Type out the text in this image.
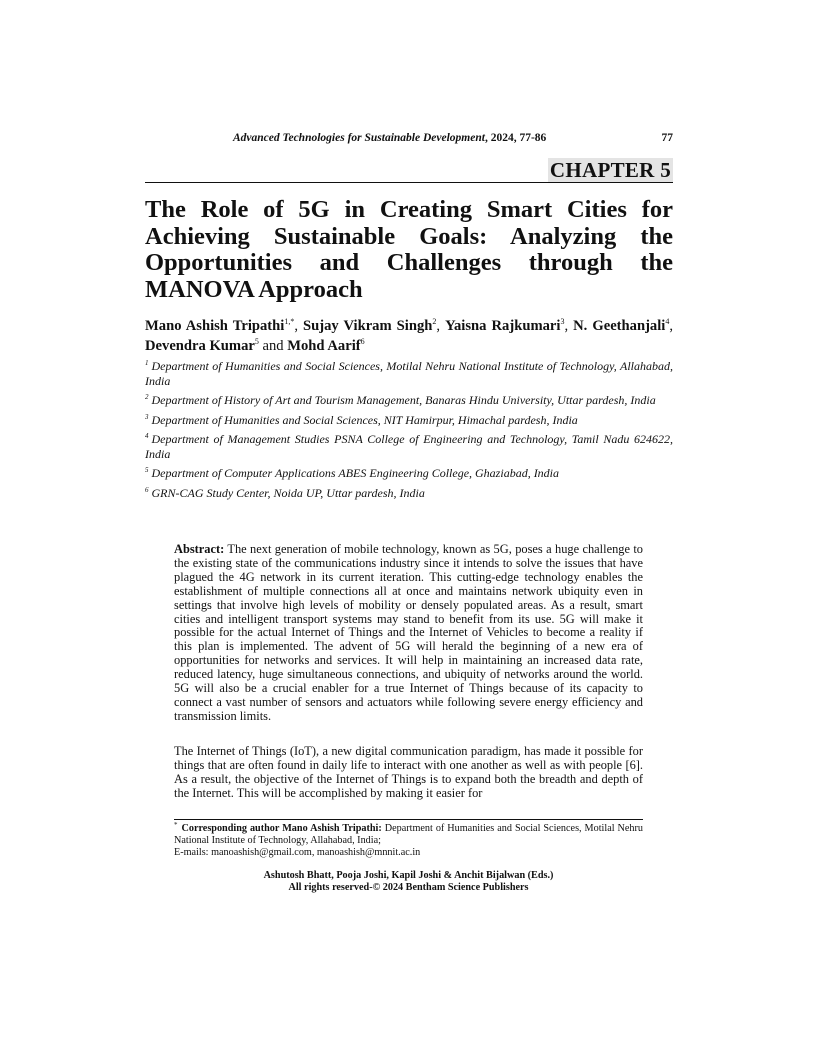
Advanced Technologies for Sustainable Development, 2024, 77-86	77
CHAPTER 5
The Role of 5G in Creating Smart Cities for Achieving Sustainable Goals: Analyzing the Opportunities and Challenges through the MANOVA Approach
Mano Ashish Tripathi$^{1,*}$, Sujay Vikram Singh$^2$, Yaisna Rajkumari$^3$, N. Geethanjali$^4$, Devendra Kumar$^5$ and Mohd Aarif$^6$
$^1$ Department of Humanities and Social Sciences, Motilal Nehru National Institute of Technology, Allahabad, India
$^2$ Department of History of Art and Tourism Management, Banaras Hindu University, Uttar pardesh, India
$^3$ Department of Humanities and Social Sciences, NIT Hamirpur, Himachal pardesh, India
$^4$ Department of Management Studies PSNA College of Engineering and Technology, Tamil Nadu 624622, India
$^5$ Department of Computer Applications ABES Engineering College, Ghaziabad, India
$^6$ GRN-CAG Study Center, Noida UP, Uttar pardesh, India
Abstract: The next generation of mobile technology, known as 5G, poses a huge challenge to the existing state of the communications industry since it intends to solve the issues that have plagued the 4G network in its current iteration. This cutting-edge technology enables the establishment of multiple connections all at once and maintains network ubiquity even in settings that involve high levels of mobility or densely populated areas. As a result, smart cities and intelligent transport systems may stand to benefit from its use. 5G will make it possible for the actual Internet of Things and the Internet of Vehicles to become a reality if this plan is implemented. The advent of 5G will herald the beginning of a new era of opportunities for networks and services. It will help in maintaining an increased data rate, reduced latency, huge simultaneous connections, and ubiquity of networks around the world. 5G will also be a crucial enabler for a true Internet of Things because of its capacity to connect a vast number of sensors and actuators while following severe energy efficiency and transmission limits.
The Internet of Things (IoT), a new digital communication paradigm, has made it possible for things that are often found in daily life to interact with one another as well as with people [6]. As a result, the objective of the Internet of Things is to expand both the breadth and depth of the Internet. This will be accomplished by making it easier for
* Corresponding author Mano Ashish Tripathi: Department of Humanities and Social Sciences, Motilal Nehru National Institute of Technology, Allahabad, India;
E-mails: manoashish@gmail.com, manoashish@mnnit.ac.in
Ashutosh Bhatt, Pooja Joshi, Kapil Joshi & Anchit Bijalwan (Eds.)
All rights reserved-© 2024 Bentham Science Publishers
